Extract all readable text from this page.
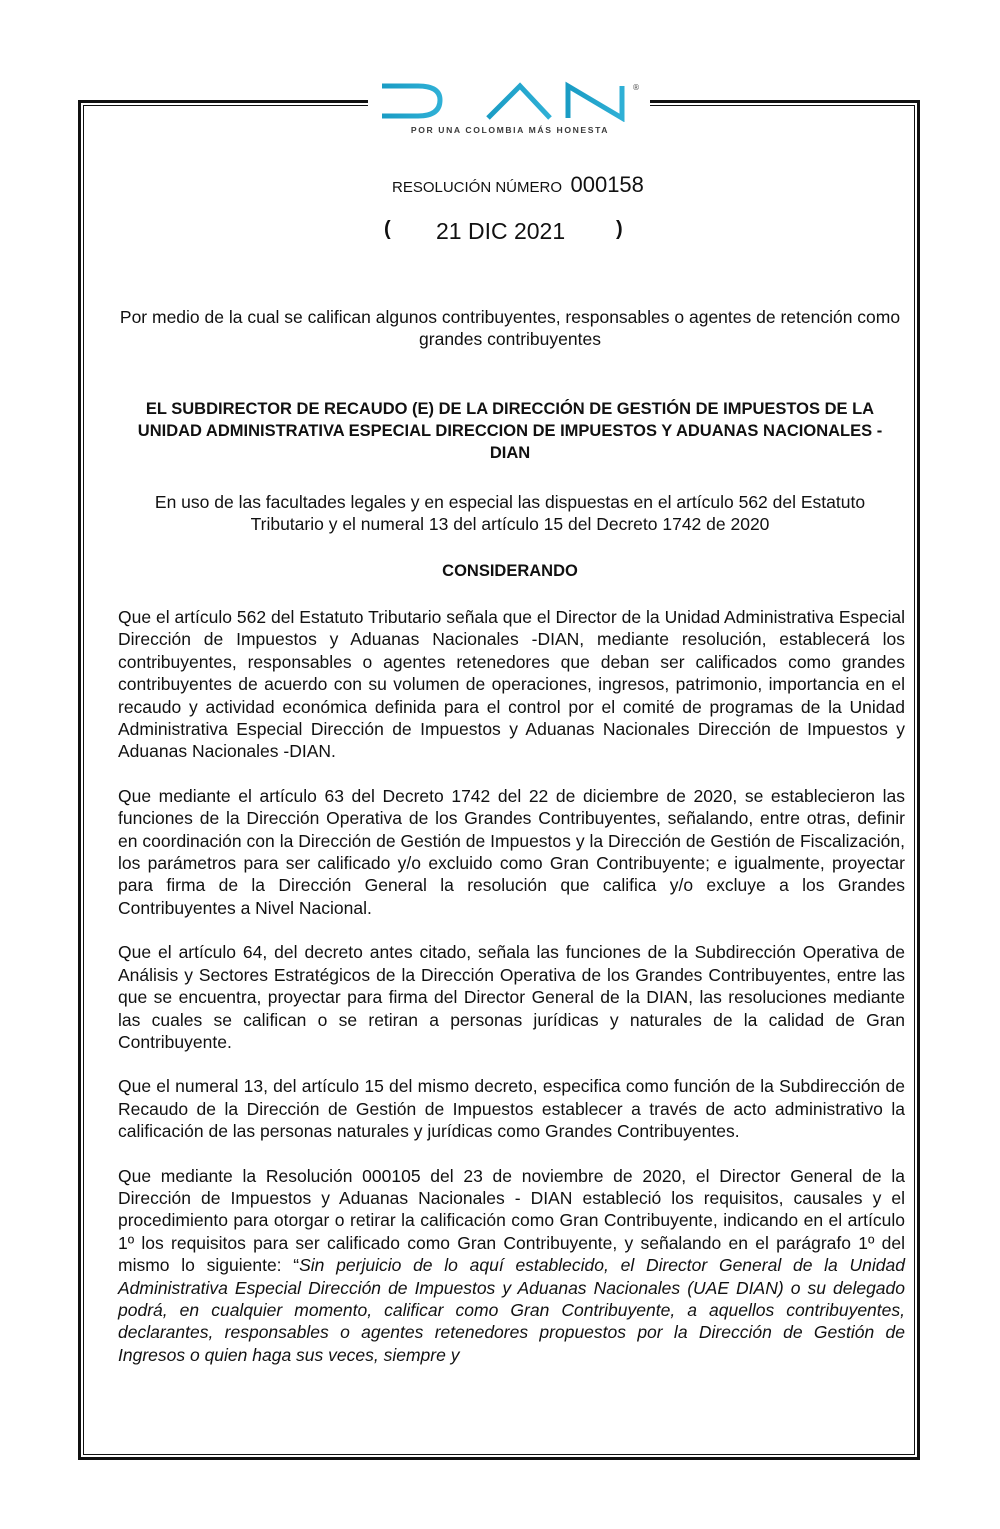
®
POR UNA COLOMBIA MÁS HONESTA
RESOLUCIÓN NÚMERO 000158
( 21 DIC 2021	)
Por medio de la cual se califican algunos contribuyentes, responsables o agentes de retención como grandes contribuyentes
EL SUBDIRECTOR DE RECAUDO (E) DE LA DIRECCIÓN DE GESTIÓN DE IMPUESTOS DE LA UNIDAD ADMINISTRATIVA ESPECIAL DIRECCION DE IMPUESTOS Y ADUANAS NACIONALES - DIAN
En uso de las facultades legales y en especial las dispuestas en el artículo 562 del Estatuto Tributario y el numeral 13 del artículo 15 del Decreto 1742 de 2020
CONSIDERANDO

Que el artículo 562 del Estatuto Tributario señala que el Director de la Unidad Administrativa Especial Dirección de Impuestos y Aduanas Nacionales -DIAN, mediante resolución, establecerá los contribuyentes, responsables o agentes retenedores que deban ser calificados como grandes contribuyentes de acuerdo con su volumen de operaciones, ingresos, patrimonio, importancia en el recaudo y actividad económica definida para el control por el comité de programas de la Unidad Administrativa Especial Dirección de Impuestos y Aduanas Nacionales Dirección de Impuestos y Aduanas Nacionales -DIAN.

Que mediante el artículo 63 del Decreto 1742 del 22 de diciembre de 2020, se establecieron las funciones de la Dirección Operativa de los Grandes Contribuyentes, señalando, entre otras, definir en coordinación con la Dirección de Gestión de Impuestos y la Dirección de Gestión de Fiscalización, los parámetros para ser calificado y/o excluido como Gran Contribuyente; e igualmente, proyectar para firma de la Dirección General la resolución que califica y/o excluye a los Grandes Contribuyentes a Nivel Nacional.

Que el artículo 64, del decreto antes citado, señala las funciones de la Subdirección Operativa de Análisis y Sectores Estratégicos de la Dirección Operativa de los Grandes Contribuyentes, entre las que se encuentra, proyectar para firma del Director General de la DIAN, las resoluciones mediante las cuales se califican o se retiran a personas jurídicas y naturales de la calidad de Gran Contribuyente.

Que el numeral 13, del artículo 15 del mismo decreto, especifica como función de la Subdirección de Recaudo de la Dirección de Gestión de Impuestos establecer a través de acto administrativo la calificación de las personas naturales y jurídicas como Grandes Contribuyentes.

Que mediante la Resolución 000105 del 23 de noviembre de 2020, el Director General de la Dirección de Impuestos y Aduanas Nacionales - DIAN estableció los requisitos, causales y el procedimiento para otorgar o retirar la calificación como Gran Contribuyente, indicando en el artículo 1º los requisitos para ser calificado como Gran Contribuyente, y señalando en el parágrafo 1º del mismo lo siguiente: “Sin perjuicio de lo aquí establecido, el Director General de la Unidad Administrativa Especial Dirección de Impuestos y Aduanas Nacionales (UAE DIAN) o su delegado podrá, en cualquier momento, calificar como Gran Contribuyente, a aquellos contribuyentes, declarantes, responsables o agentes retenedores propuestos por la Dirección de Gestión de Ingresos o quien haga sus veces, siempre y
